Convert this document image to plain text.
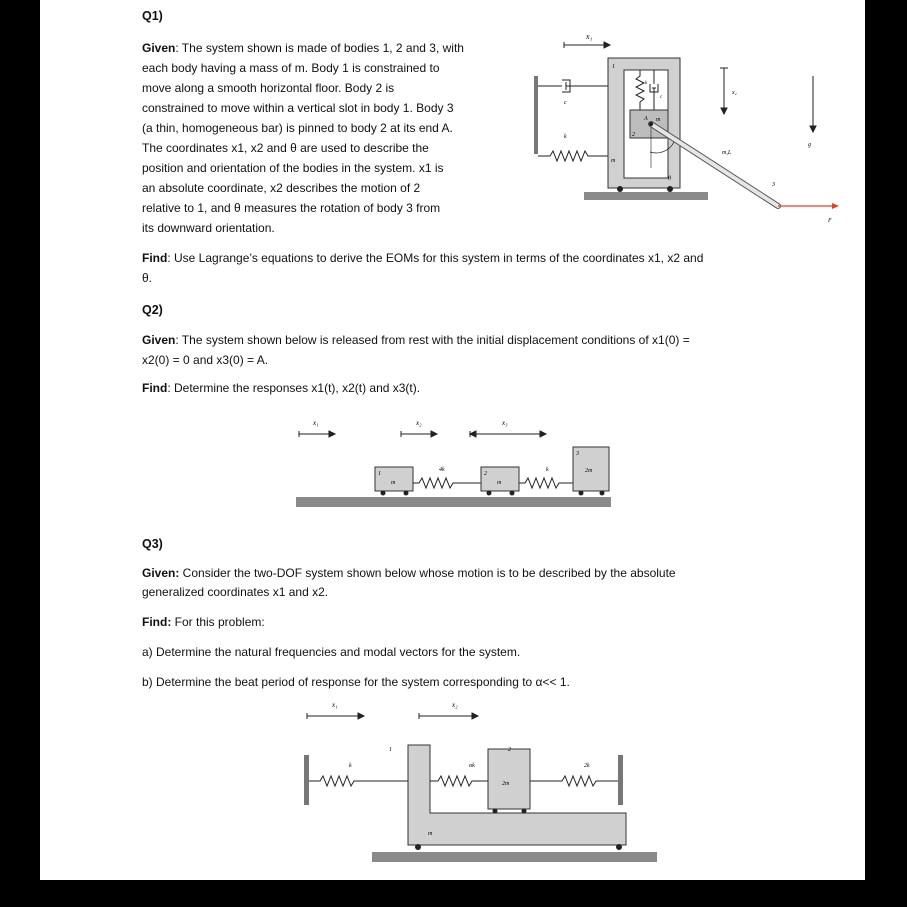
Q1)
Given: The system shown is made of bodies 1, 2 and 3, with
each body having a mass of m. Body 1 is constrained to
move along a smooth horizontal floor. Body 2 is
constrained to move within a vertical slot in body 1. Body 3
(a thin, homogeneous bar) is pinned to body 2 at its end A.
The coordinates x1, x2 and θ are used to describe the
position and orientation of the bodies in the system. x1 is
an absolute coordinate, x2 describes the motion of 2
relative to 1, and θ measures the rotation of body 3 from
its downward orientation.
Find: Use Lagrange’s equations to derive the EOMs for this system in terms of the coordinates x1, x2 and
θ.
x₁
c
k
1
m
k
c
2
m
A
θ
m,L
3
x₂
g
F
Q2)
Given: The system shown below is released from rest with the initial displacement conditions of x1(0) =
x2(0) = 0 and x3(0) = A.
Find: Determine the responses x1(t), x2(t) and x3(t).
x₁	x₂	x₃
1
m
4k
2
m
k
3
2m
Q3)
Given: Consider the two-DOF system shown below whose motion is to be described by the absolute
generalized coordinates x1 and x2.
Find: For this problem:
a) Determine the natural frequencies and modal vectors for the system.
b) Determine the beat period of response for the system corresponding to α<< 1.
x₁	x₂
k
1
m
αk
2
2m
2k
